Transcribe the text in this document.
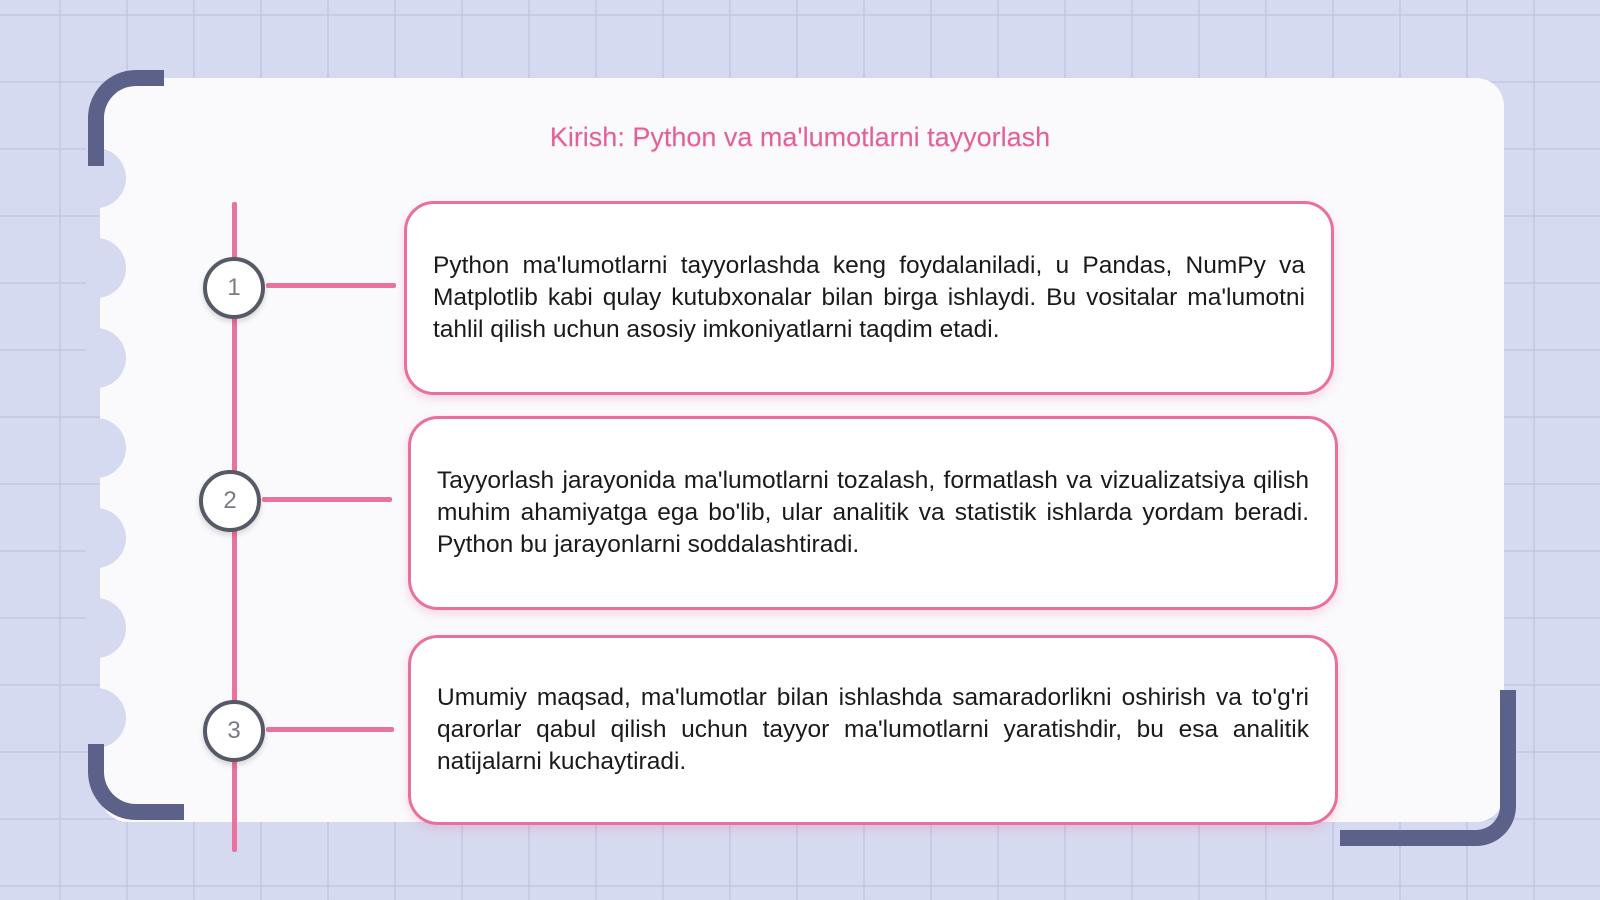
Kirish: Python va ma'lumotlarni tayyorlash
1

Python ma'lumotlarni tayyorlashda keng foydalaniladi, u Pandas, NumPy va Matplotlib kabi qulay kutubxonalar bilan birga ishlaydi. Bu vositalar ma'lumotni tahlil qilish uchun asosiy imkoniyatlarni taqdim etadi.

2

Tayyorlash jarayonida ma'lumotlarni tozalash, formatlash va vizualizatsiya qilish muhim ahamiyatga ega bo'lib, ular analitik va statistik ishlarda yordam beradi. Python bu jarayonlarni soddalashtiradi.

3

Umumiy maqsad, ma'lumotlar bilan ishlashda samaradorlikni oshirish va to'g'ri qarorlar qabul qilish uchun tayyor ma'lumotlarni yaratishdir, bu esa analitik natijalarni kuchaytiradi.
